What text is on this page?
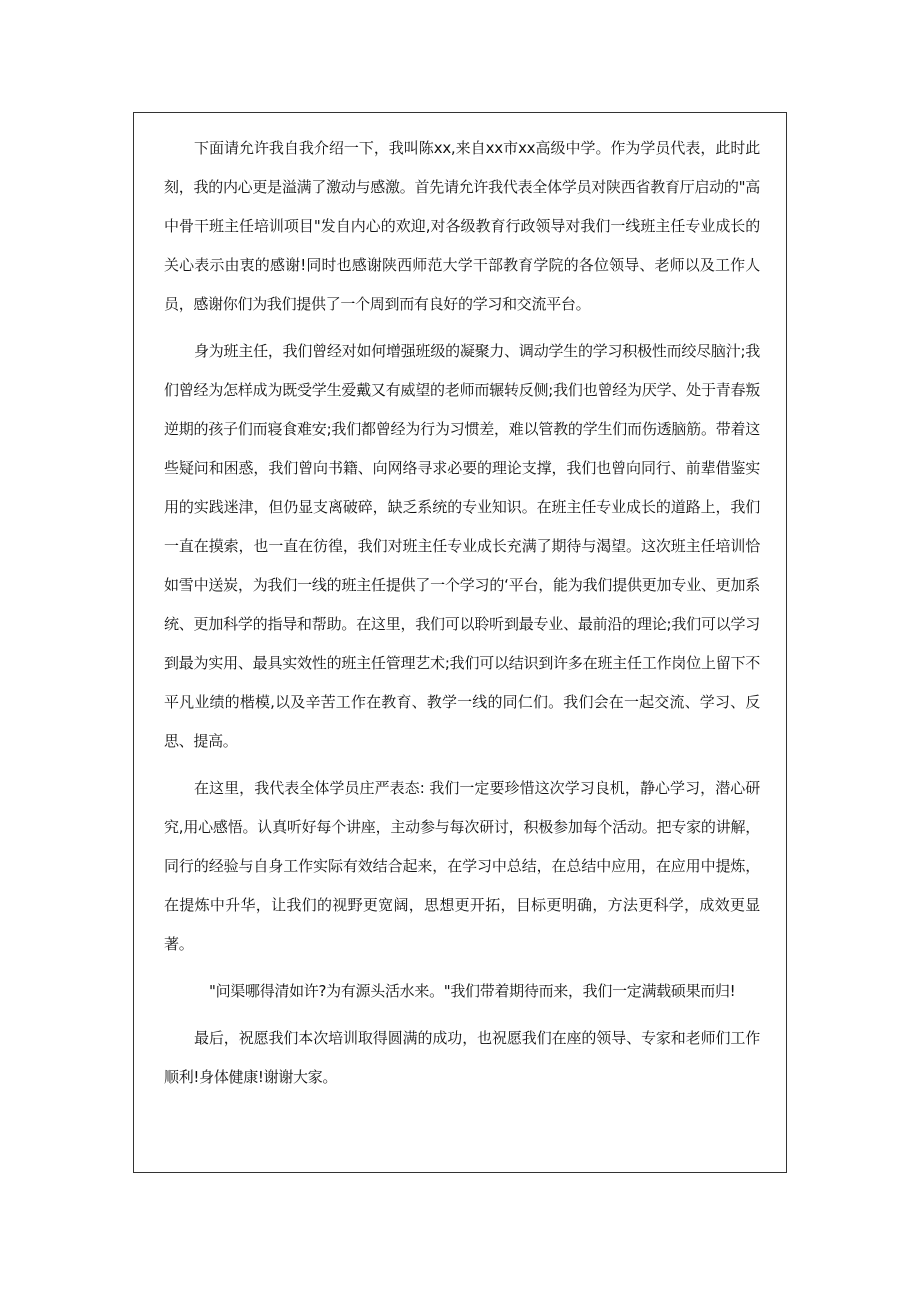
下面请允许我自我介绍一下，我叫陈xx,来自xx市xx高级中学。作为学员代表，此时此刻，我的内心更是溢满了激动与感激。首先请允许我代表全体学员对陕西省教育厅启动的"高中骨干班主任培训项目"发自内心的欢迎,对各级教育行政领导对我们一线班主任专业成长的关心表示由衷的感谢!同时也感谢陕西师范大学干部教育学院的各位领导、老师以及工作人员，感谢你们为我们提供了一个周到而有良好的学习和交流平台。

身为班主任，我们曾经对如何增强班级的凝聚力、调动学生的学习积极性而绞尽脑汁;我们曾经为怎样成为既受学生爱戴又有威望的老师而辗转反侧;我们也曾经为厌学、处于青春叛逆期的孩子们而寝食难安;我们都曾经为行为习惯差，难以管教的学生们而伤透脑筋。带着这些疑问和困惑，我们曾向书籍、向网络寻求必要的理论支撑，我们也曾向同行、前辈借鉴实用的实践迷津，但仍显支离破碎，缺乏系统的专业知识。在班主任专业成长的道路上，我们一直在摸索，也一直在彷徨，我们对班主任专业成长充满了期待与渴望。这次班主任培训恰如雪中送炭，为我们一线的班主任提供了一个学习的‘平台，能为我们提供更加专业、更加系统、更加科学的指导和帮助。在这里，我们可以聆听到最专业、最前沿的理论;我们可以学习到最为实用、最具实效性的班主任管理艺术;我们可以结识到许多在班主任工作岗位上留下不平凡业绩的楷模,以及辛苦工作在教育、教学一线的同仁们。我们会在一起交流、学习、反思、提高。

在这里，我代表全体学员庄严表态: 我们一定要珍惜这次学习良机，静心学习，潜心研究,用心感悟。认真听好每个讲座，主动参与每次研讨，积极参加每个活动。把专家的讲解，同行的经验与自身工作实际有效结合起来，在学习中总结，在总结中应用，在应用中提炼，在提炼中升华，让我们的视野更宽阔，思想更开拓，目标更明确，方法更科学，成效更显著。

"问渠哪得清如许?为有源头活水来。"我们带着期待而来，我们一定满载硕果而归!

最后，祝愿我们本次培训取得圆满的成功，也祝愿我们在座的领导、专家和老师们工作顺利!身体健康!谢谢大家。
